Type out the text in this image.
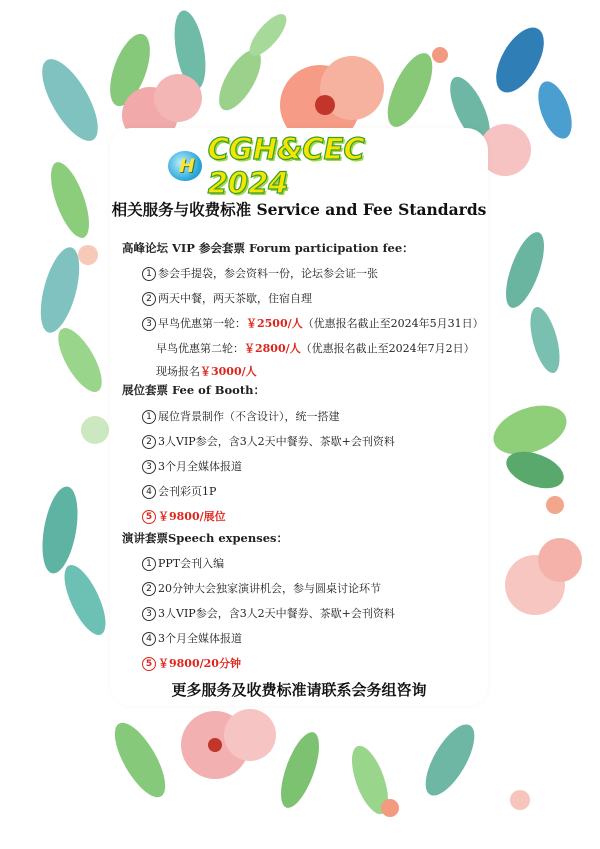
H CGH&CEC 2024
相关服务与收费标准 Service and Fee Standards
高峰论坛 VIP 参会套票 Forum participation fee：
1 参会手提袋，参会资料一份，论坛参会证一张
2 两天中餐，两天茶歇，住宿自理
3 早鸟优惠第一轮：￥2500/人（优惠报名截止至2024年5月31日）
早鸟优惠第二轮：￥2800/人（优惠报名截止至2024年7月2日）
现场报名￥3000/人
展位套票 Fee of Booth：
1 展位背景制作（不含设计），统一搭建
2 3人VIP参会，含3人2天中餐券、茶歇+会刊资料
3 3个月全媒体报道
4 会刊彩页1P
5 ￥9800/展位
演讲套票Speech expenses：
1 PPT会刊入编
2 20分钟大会独家演讲机会，参与圆桌讨论环节
3 3人VIP参会，含3人2天中餐券、茶歇+会刊资料
4 3个月全媒体报道
5 ￥9800/20分钟
更多服务及收费标准请联系会务组咨询
